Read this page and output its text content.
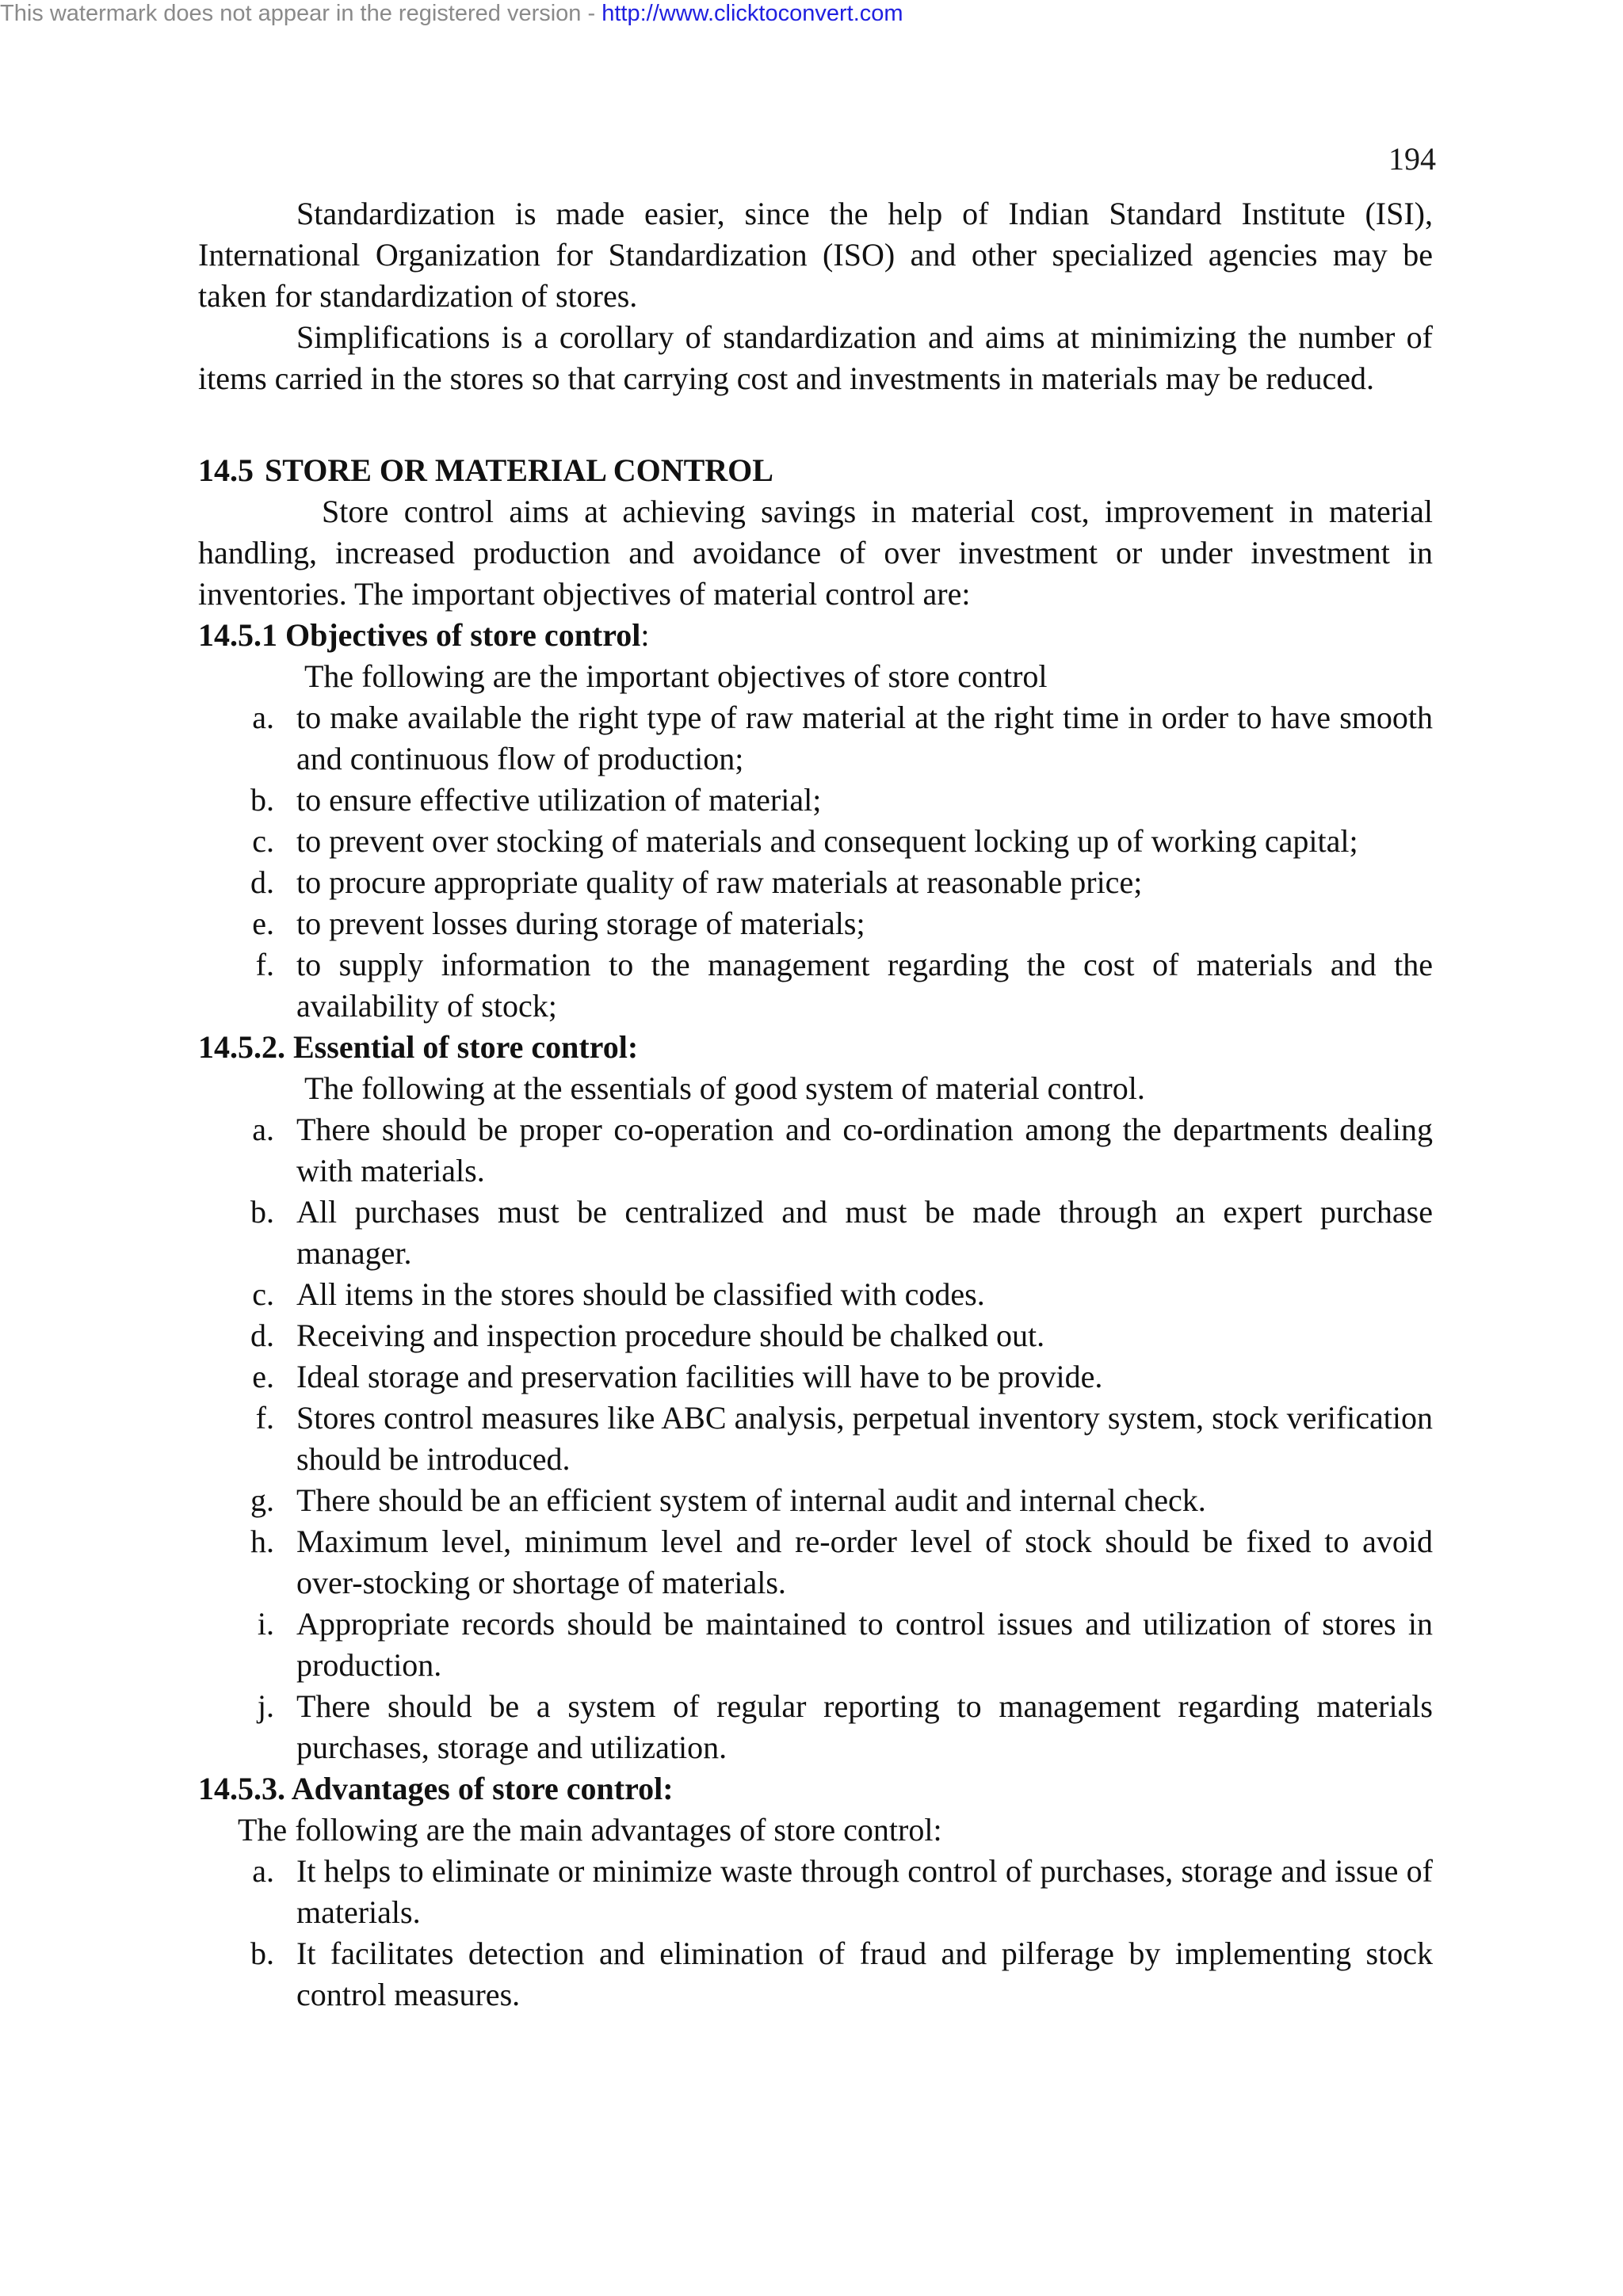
This watermark does not appear in the registered version - http://www.clicktoconvert.com
194

Standardization is made easier, since the help of Indian Standard Institute (ISI), International Organization for Standardization (ISO) and other specialized agencies may be taken for standardization of stores.

Simplifications is a corollary of standardization and aims at minimizing the number of items carried in the stores so that carrying cost and investments in materials may be reduced.

14.5 STORE OR MATERIAL CONTROL

Store control aims at achieving savings in material cost, improvement in material handling, increased production and avoidance of over investment or under investment in inventories. The important objectives of material control are:

14.5.1 Objectives of store control:

The following are the important objectives of store control

a. to make available the right type of raw material at the right time in order to have smooth and continuous flow of production;
b. to ensure effective utilization of material;
c. to prevent over stocking of materials and consequent locking up of working capital;
d. to procure appropriate quality of raw materials at reasonable price;
e. to prevent losses during storage of materials;
f. to supply information to the management regarding the cost of materials and the availability of stock;
14.5.2. Essential of store control:

The following at the essentials of good system of material control.

a. There should be proper co-operation and co-ordination among the departments dealing with materials.
b. All purchases must be centralized and must be made through an expert purchase manager.
c. All items in the stores should be classified with codes.
d. Receiving and inspection procedure should be chalked out.
e. Ideal storage and preservation facilities will have to be provide.
f. Stores control measures like ABC analysis, perpetual inventory system, stock verification should be introduced.
g. There should be an efficient system of internal audit and internal check.
h. Maximum level, minimum level and re-order level of stock should be fixed to avoid over-stocking or shortage of materials.
i. Appropriate records should be maintained to control issues and utilization of stores in production.
j. There should be a system of regular reporting to management regarding materials purchases, storage and utilization.
14.5.3. Advantages of store control:

The following are the main advantages of store control:

a. It helps to eliminate or minimize waste through control of purchases, storage and issue of materials.
b. It facilitates detection and elimination of fraud and pilferage by implementing stock control measures.
